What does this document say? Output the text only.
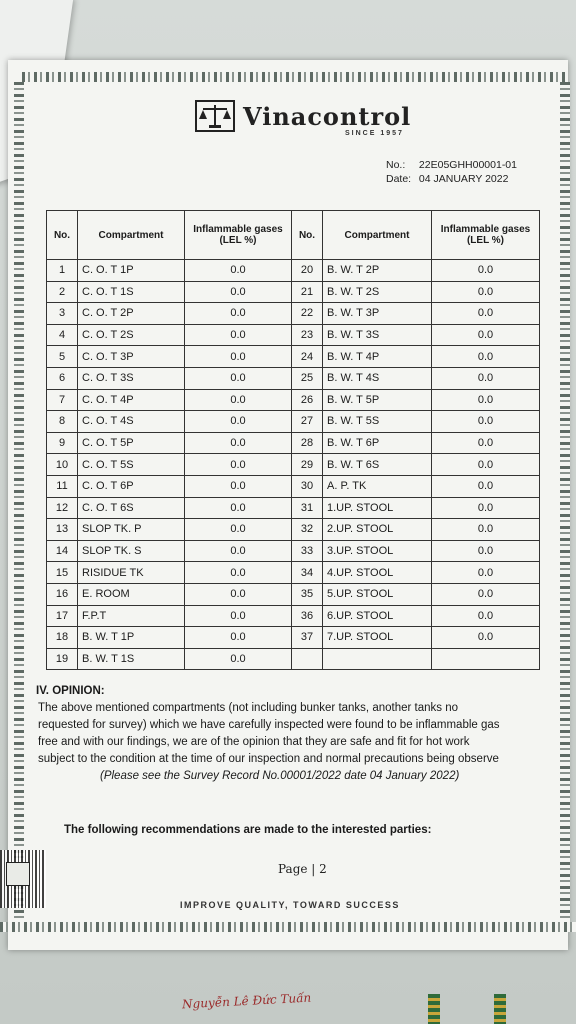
Vinacontrol
SINCE 1957
No.: 22E05GHH00001-01
Date: 04 JANUARY 2022
No.	Compartment	Inflammable gases (LEL %)	No.	Compartment	Inflammable gases (LEL %)
1	C. O. T 1P	0.0	20	B. W. T 2P	0.0
2	C. O. T 1S	0.0	21	B. W. T 2S	0.0
3	C. O. T 2P	0.0	22	B. W. T 3P	0.0
4	C. O. T 2S	0.0	23	B. W. T 3S	0.0
5	C. O. T 3P	0.0	24	B. W. T 4P	0.0
6	C. O. T 3S	0.0	25	B. W. T 4S	0.0
7	C. O. T 4P	0.0	26	B. W. T 5P	0.0
8	C. O. T 4S	0.0	27	B. W. T 5S	0.0
9	C. O. T 5P	0.0	28	B. W. T 6P	0.0
10	C. O. T 5S	0.0	29	B. W. T 6S	0.0
11	C. O. T 6P	0.0	30	A. P. TK	0.0
12	C. O. T 6S	0.0	31	1.UP. STOOL	0.0
13	SLOP TK. P	0.0	32	2.UP. STOOL	0.0
14	SLOP TK. S	0.0	33	3.UP. STOOL	0.0
15	RISIDUE TK	0.0	34	4.UP. STOOL	0.0
16	E. ROOM	0.0	35	5.UP. STOOL	0.0
17	F.P.T	0.0	36	6.UP. STOOL	0.0
18	B. W. T 1P	0.0	37	7.UP. STOOL	0.0
19	B. W. T 1S	0.0			
IV. OPINION:

The above mentioned compartments (not including bunker tanks, another tanks no

requested for survey) which we have carefully inspected were found to be inflammable gas

free and with our findings, we are of the opinion that they are safe and fit for hot work

subject to the condition at the time of our inspection and normal precautions being observe

(Please see the Survey Record No.00001/2022 date 04 January 2022)

The following recommendations are made to the interested parties:
Page | 2
IMPROVE QUALITY, TOWARD SUCCESS
Nguyễn Lê Đức Tuấn
